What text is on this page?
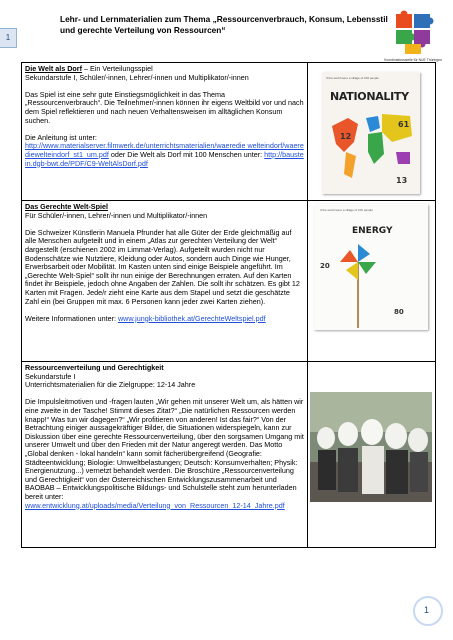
1
Lehr- und Lernmaterialien zum Thema „Ressourcenverbrauch, Konsum, Lebensstil
und gerechte Verteilung von Ressourcen“
Koordinationsstelle für NUE Thüringen

Die Welt als Dorf – Ein Verteilungsspiel
Sekundarstufe I, Schüler/-innen, Lehrer/-innen und Multiplikator/-innen

Das Spiel ist eine sehr gute Einstiegsmöglichkeit in das Thema „Ressourcenverbrauch“. Die Teilnehmer/-innen können ihr eigens Weltbild vor und nach dem Spiel reflektieren und nach neuen Verhaltensweisen im alltäglichen Konsum suchen.

Die Anleitung ist unter:
http://www.materialserver.filmwerk.de/unterrichtsmaterialien/waeredie welteindorf/waerediewelteindorf_st1_um.pdf oder Die Welt als Dorf mit 100 Menschen unter: http://baustein.dgb-bwt.de/PDF/C9-WeltAlsDorf.pdf

If the world were a village of 100 people
NATIONALITY
12
61
13

Das Gerechte Welt-Spiel
Für Schüler/-innen, Lehrer/-innen und Multiplikator/-innen

Die Schweizer Künstlerin Manuela Pfrunder hat alle Güter der Erde gleichmäßig auf alle Menschen aufgeteilt und in einem „Atlas zur gerechten Verteilung der Welt“ dargestellt (erschienen 2002 im Limmat-Verlag). Aufgeteilt wurden nicht nur Bodenschätze wie Nutztiere, Kleidung oder Autos, sondern auch Dinge wie Hunger, Erwerbsarbeit oder Mobilität. Im Kasten unten sind einige Beispiele angeführt. Im „Gerechte Welt-Spiel“ sollt ihr nun einige der Berechnungen erraten. Auf den Karten findet ihr Beispiele, jedoch ohne Angaben der Zahlen. Die sollt ihr schätzen. Es gibt 12 Karten mit Fragen. Jede/r zieht eine Karte aus dem Stapel und setzt die geschätzte Zahl ein (bei Gruppen mit max. 6 Personen kann jeder zwei Karten ziehen).

Weitere Informationen unter: www.jungk-bibliothek.at/GerechteWeltspiel.pdf

If the world were a village of 100 people
ENERGY
20
80

Ressourcenverteilung und Gerechtigkeit
Sekundarstufe I
Unterrichtsmaterialien für die Zielgruppe: 12-14 Jahre

Die Impulsleitmotiven und -fragen lauten „Wir gehen mit unserer Welt um, als hätten wir eine zweite in der Tasche! Stimmt dieses Zitat?“ „Die natürlichen Ressourcen werden knapp!“ Was tun wir dagegen?“ „Wir profitieren von anderen! Ist das fair?“ Von der Betrachtung einiger aussagekräftiger Bilder, die Situationen widerspiegeln, kann zur Diskussion über eine gerechte Ressourcenverteilung, über den sorgsamen Umgang mit unserer Umwelt und über den Frieden mit der Natur angeregt werden. Das Motto „Global denken - lokal handeln“ kann somit fächerübergreifend (Geografie: Städteentwicklung; Biologie: Umweltbelastungen; Deutsch: Konsumverhalten; Physik: Energienutzung...) vernetzt behandelt werden. Die Broschüre „Ressourcenverteilung und Gerechtigkeit“ von der Österreichischen Entwicklungszusammenarbeit und BAOBAB – Entwicklungspolitische Bildungs- und Schulstelle steht zum herunterladen bereit unter:
www.entwicklung.at/uploads/media/Verteilung_von_Ressourcen_12-14_Jahre.pdf

1
